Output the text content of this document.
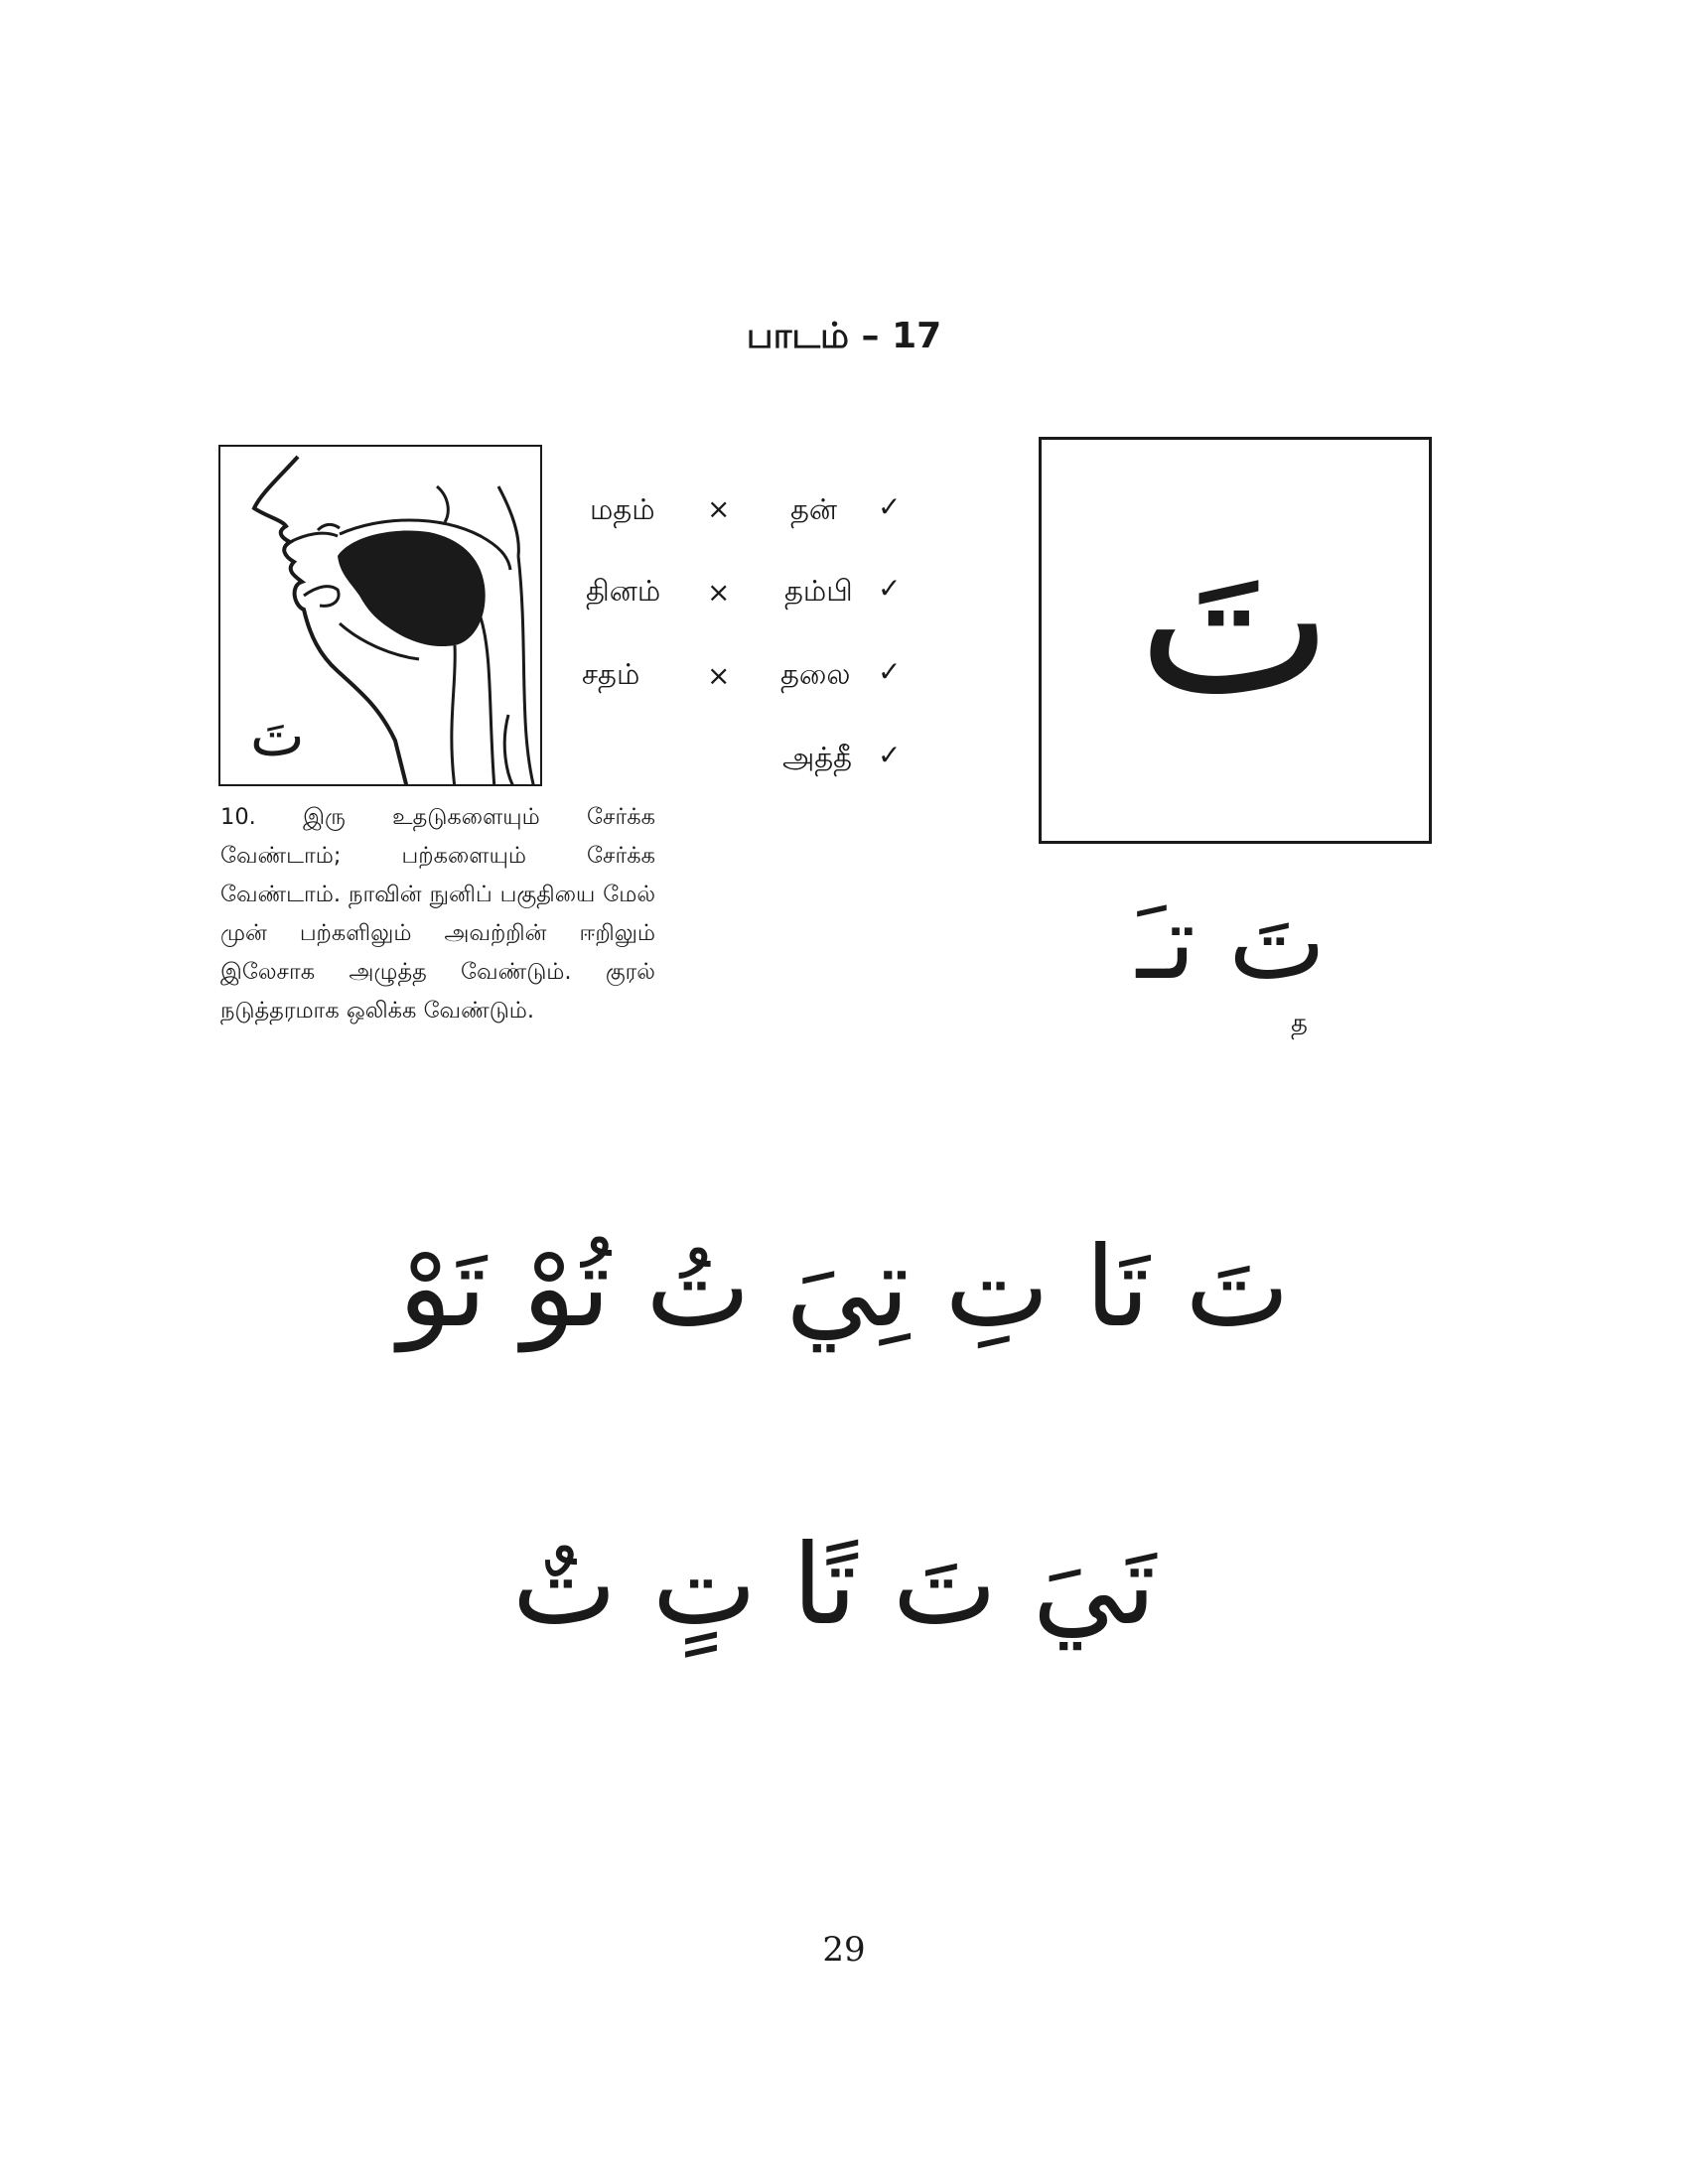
பாடம் – 17
تَ

10. இரு உதடுகளையும் சேர்க்க வேண்டாம்; பற்களையும் சேர்க்க வேண்டாம். நாவின் நுனிப் பகுதியை மேல் முன் பற்களிலும் அவற்றின் ஈறிலும் இலேசாக அழுத்த வேண்டும். குரல் நடுத்தரமாக ஒலிக்க வேண்டும்.

மதம்
தினம்
சதம்
×
×
×
தன்
தம்பி
தலை
அத்தீ
✓
✓
✓
✓
تَ
تَ تـَ
த
تَ تَا تِ تِيَ تُ تُوْ تَوْ
تَيَ تَ تًا تٍ تٌ
29
